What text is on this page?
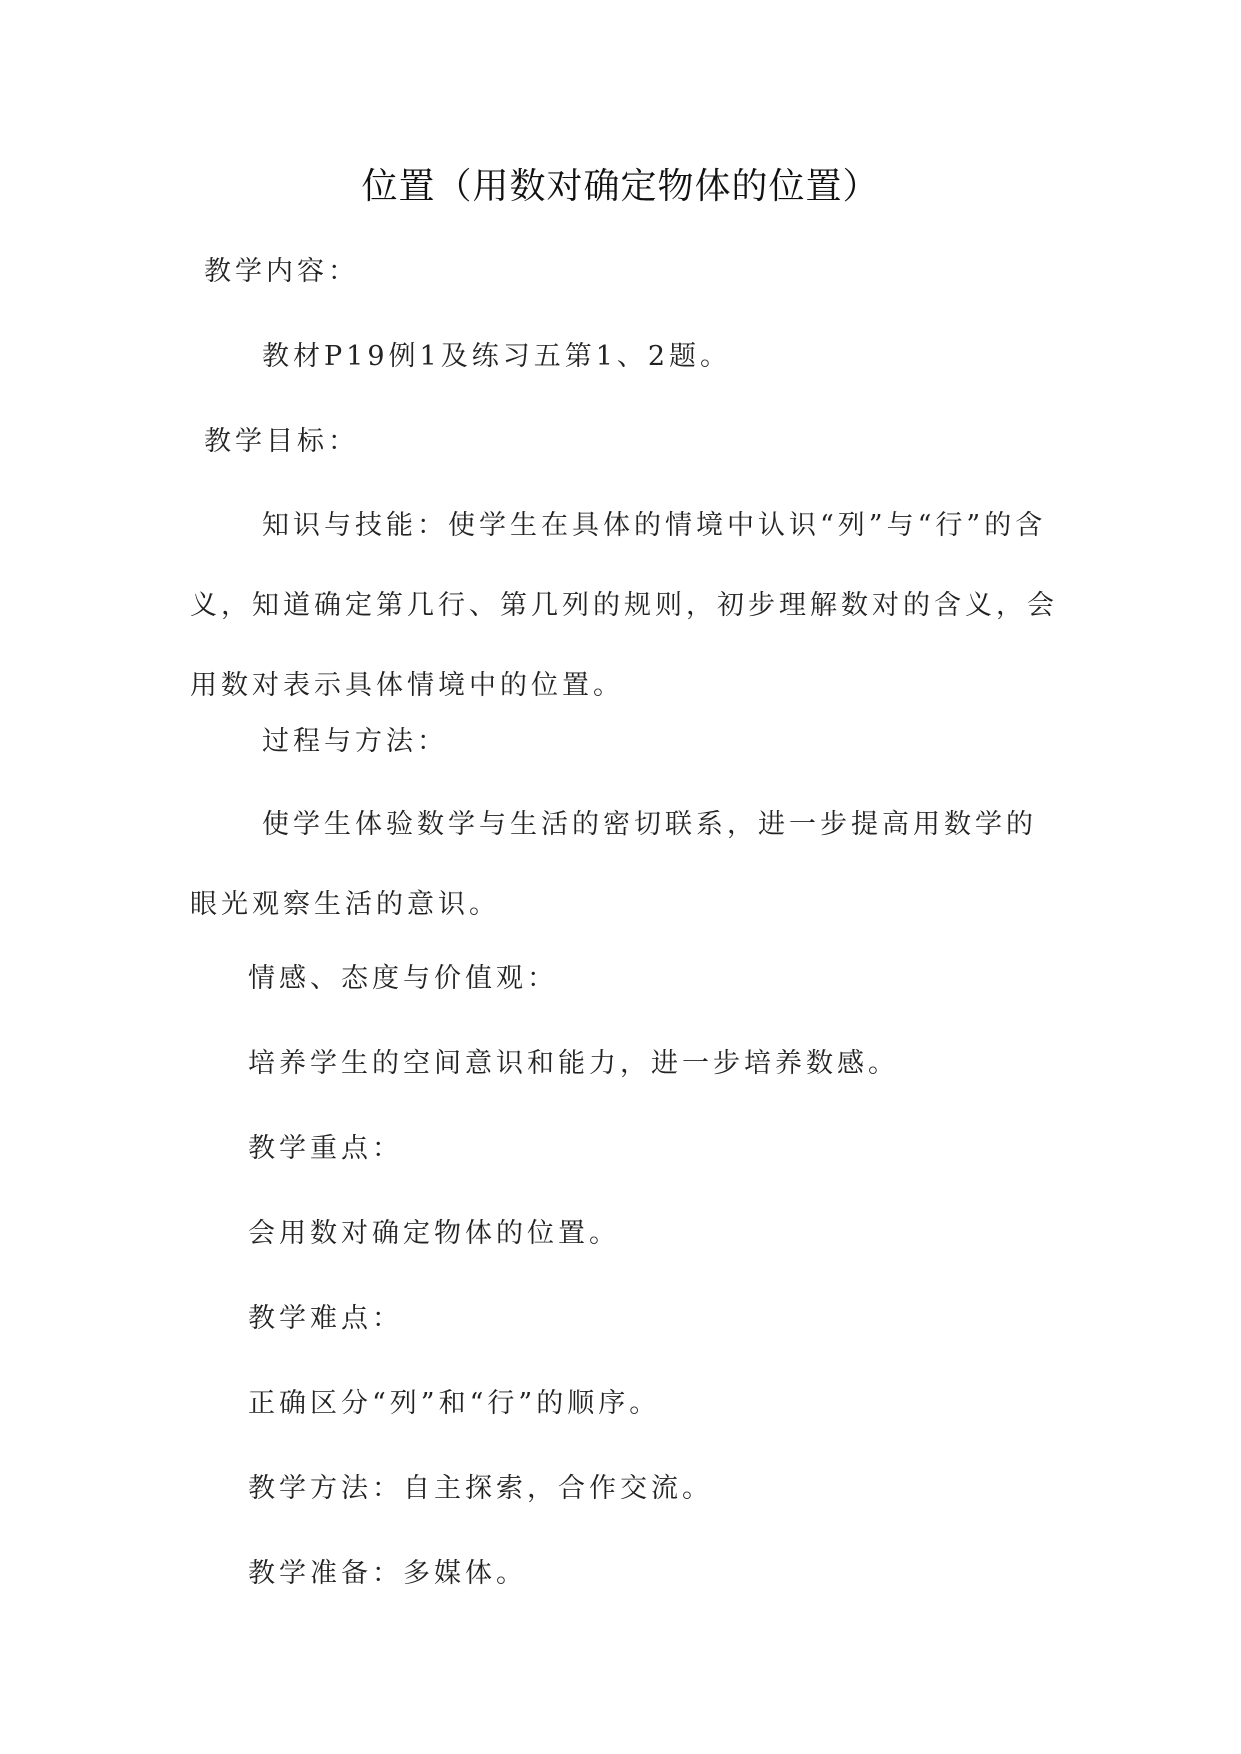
位置（用数对确定物体的位置）
教学内容：
教材P19例1及练习五第1、2题。
教学目标：
知识与技能：使学生在具体的情境中认识“列”与“行”的含义，知道确定第几行、第几列的规则，初步理解数对的含义，会用数对表示具体情境中的位置。
过程与方法：
使学生体验数学与生活的密切联系，进一步提高用数学的眼光观察生活的意识。
情感、态度与价值观：
培养学生的空间意识和能力，进一步培养数感。
教学重点：
会用数对确定物体的位置。
教学难点：
正确区分“列”和“行”的顺序。
教学方法：自主探索，合作交流。
教学准备：多媒体。
